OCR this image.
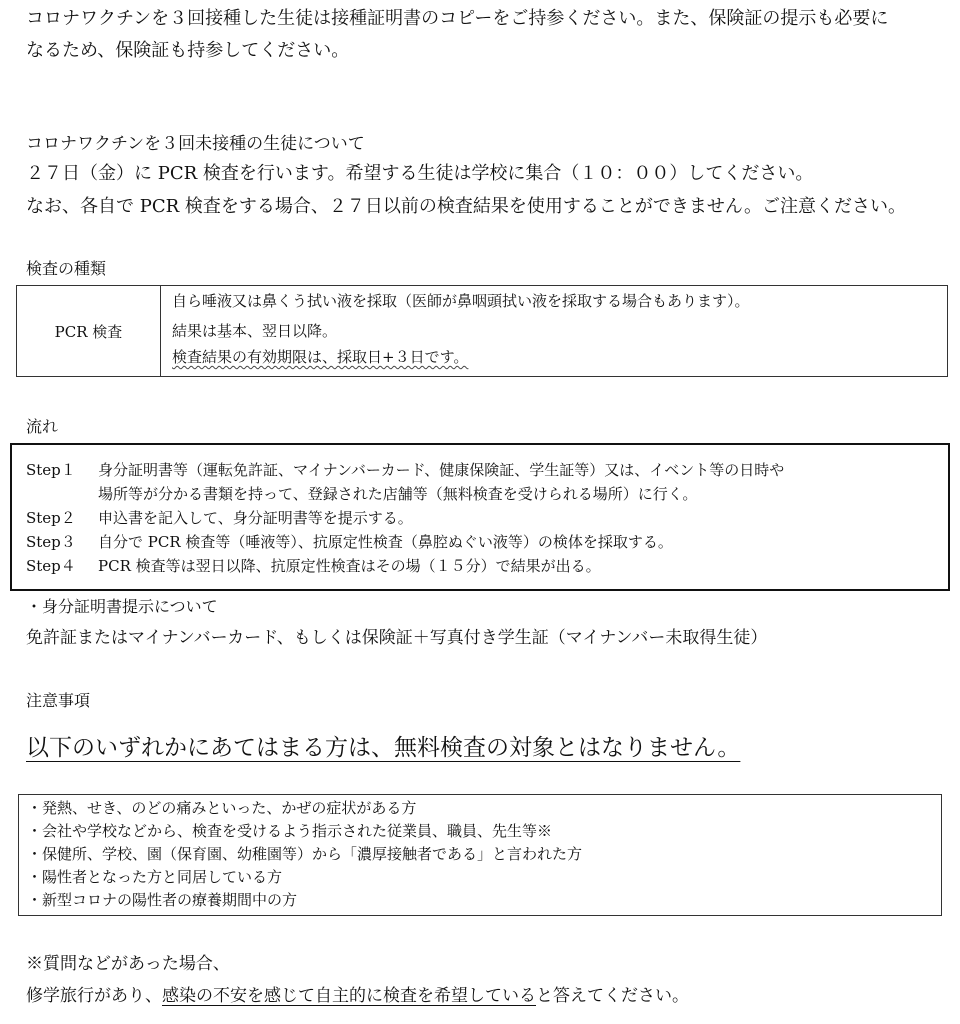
コロナワクチンを３回接種した生徒は接種証明書のコピーをご持参ください。また、保険証の提示も必要に
なるため、保険証も持参してください。
コロナワクチンを３回未接種の生徒について
２７日（金）に PCR 検査を行います。希望する生徒は学校に集合（１０：００）してください。
なお、各自で PCR 検査をする場合、２７日以前の検査結果を使用することができません。ご注意ください。
検査の種類
PCR 検査
自ら唾液又は鼻くう拭い液を採取（医師が鼻咽頭拭い液を採取する場合もあります）。
結果は基本、翌日以降。
検査結果の有効期限は、採取日+３日です。
流れ
Step１ 身分証明書等（運転免許証、マイナンバーカード、健康保険証、学生証等）又は、イベント等の日時や
場所等が分かる書類を持って、登録された店舗等（無料検査を受けられる場所）に行く。
Step２ 申込書を記入して、身分証明書等を提示する。
Step３ 自分で PCR 検査等（唾液等）、抗原定性検査（鼻腔ぬぐい液等）の検体を採取する。
Step４ PCR 検査等は翌日以降、抗原定性検査はその場（１５分）で結果が出る。
・身分証明書提示について
免許証またはマイナンバーカード、もしくは保険証＋写真付き学生証（マイナンバー未取得生徒）
注意事項
以下のいずれかにあてはまる方は、無料検査の対象とはなりません。
・発熱、せき、のどの痛みといった、かぜの症状がある方
・会社や学校などから、検査を受けるよう指示された従業員、職員、先生等※
・保健所、学校、園（保育園、幼稚園等）から「濃厚接触者である」と言われた方
・陽性者となった方と同居している方
・新型コロナの陽性者の療養期間中の方
※質問などがあった場合、
修学旅行があり、感染の不安を感じて自主的に検査を希望していると答えてください。
